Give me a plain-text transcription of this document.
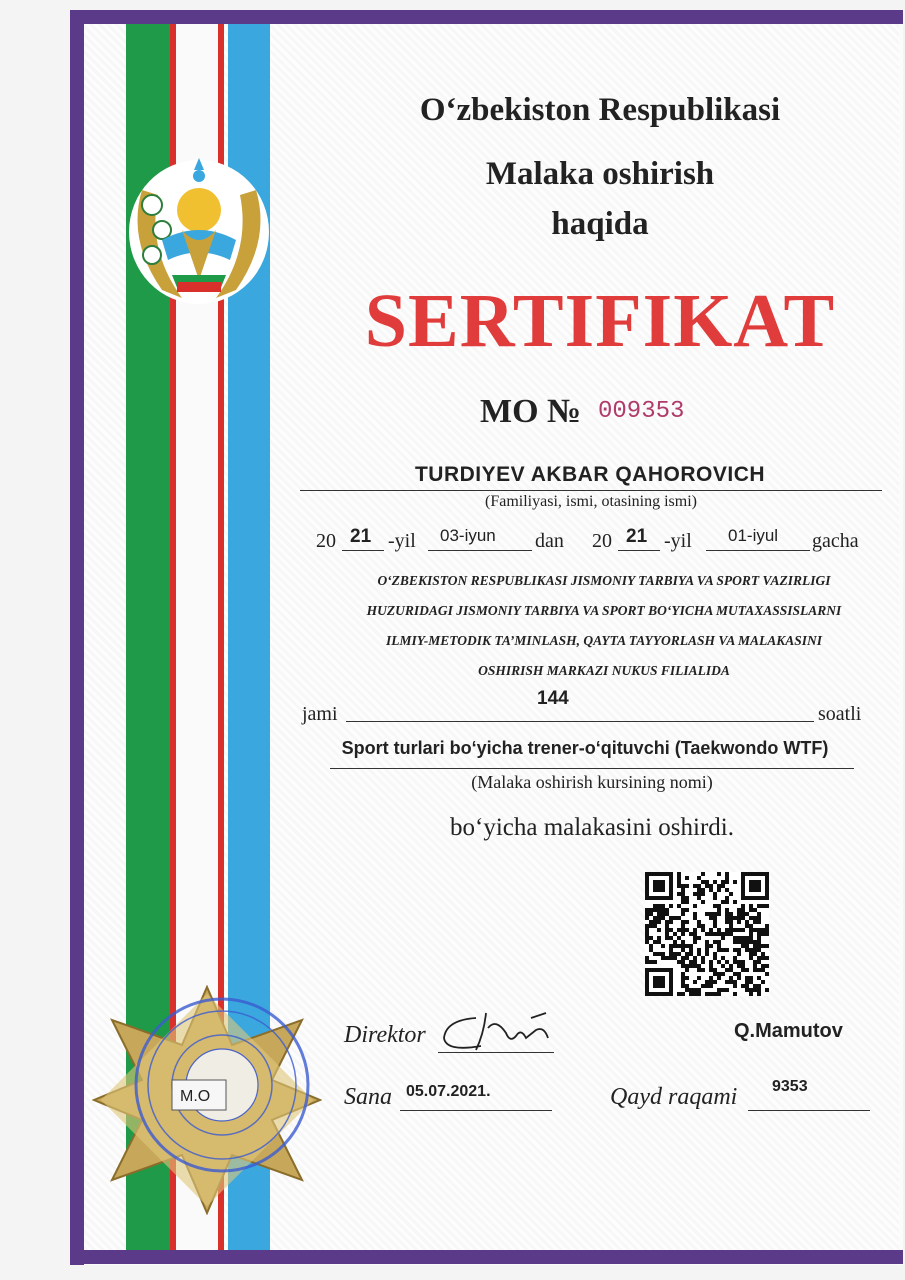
O‘zbekiston Respublikasi
Malaka oshirish
haqida
SERTIFIKAT
MO № 009353
TURDIYEV AKBAR QAHOROVICH
(Familiyasi, ismi, otasining ismi)
20 21 -yil 03-iyun dan 20 21 -yil 01-iyul gacha
O‘ZBEKISTON RESPUBLIKASI JISMONIY TARBIYA VA SPORT VAZIRLIGI
HUZURIDAGI JISMONIY TARBIYA VA SPORT BO‘YICHA MUTAXASSISLARNI
ILMIY-METODIK TA’MINLASH, QAYTA TAYYORLASH VA MALAKASINI
OSHIRISH MARKAZI NUKUS FILIALIDA
jami
144
soatli
Sport turlari bo‘yicha trener-o‘qituvchi (Taekwondo WTF)
(Malaka oshirish kursining nomi)
bo‘yicha malakasini oshirdi.
Direktor	Q.Mamutov
Sana 05.07.2021.	Qayd raqami 9353
M.O
